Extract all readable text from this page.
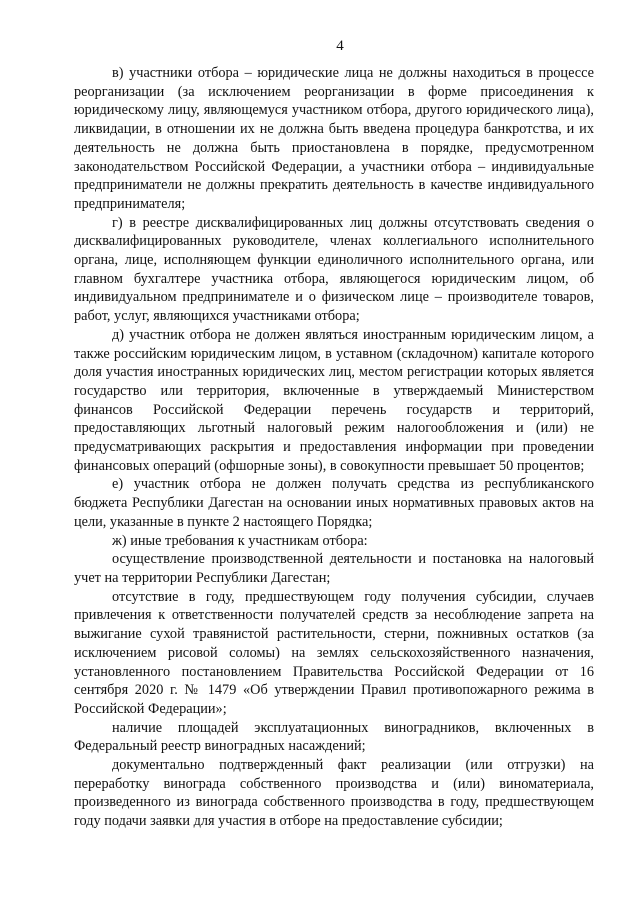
4

в) участники отбора – юридические лица не должны находиться в процессе реорганизации (за исключением реорганизации в форме присоединения к юридическому лицу, являющемуся участником отбора, другого юридического лица), ликвидации, в отношении их не должна быть введена процедура банкротства, и их деятельность не должна быть приостановлена в порядке, предусмотренном законодательством Российской Федерации, а участники отбора – индивидуальные предприниматели не должны прекратить деятельность в качестве индивидуального предпринимателя;

г) в реестре дисквалифицированных лиц должны отсутствовать сведения о дисквалифицированных руководителе, членах коллегиального исполнительного органа, лице, исполняющем функции единоличного исполнительного органа, или главном бухгалтере участника отбора, являющегося юридическим лицом, об индивидуальном предпринимателе и о физическом лице – производителе товаров, работ, услуг, являющихся участниками отбора;

д) участник отбора не должен являться иностранным юридическим лицом, а также российским юридическим лицом, в уставном (складочном) капитале которого доля участия иностранных юридических лиц, местом регистрации которых является государство или территория, включенные в утверждаемый Министерством финансов Российской Федерации перечень государств и территорий, предоставляющих льготный налоговый режим налогообложения и (или) не предусматривающих раскрытия и предоставления информации при проведении финансовых операций (офшорные зоны), в совокупности превышает 50 процентов;

е) участник отбора не должен получать средства из республиканского бюджета Республики Дагестан на основании иных нормативных правовых актов на цели, указанные в пункте 2 настоящего Порядка;

ж) иные требования к участникам отбора:

осуществление производственной деятельности и постановка на налоговый учет на территории Республики Дагестан;

отсутствие в году, предшествующем году получения субсидии, случаев привлечения к ответственности получателей средств за несоблюдение запрета на выжигание сухой травянистой растительности, стерни, пожнивных остатков (за исключением рисовой соломы) на землях сельскохозяйственного назначения, установленного постановлением Правительства Российской Федерации от 16 сентября 2020 г. № 1479 «Об утверждении Правил противопожарного режима в Российской Федерации»;

наличие площадей эксплуатационных виноградников, включенных в Федеральный реестр виноградных насаждений;

документально подтвержденный факт реализации (или отгрузки) на переработку винограда собственного производства и (или) виноматериала, произведенного из винограда собственного производства в году, предшествующем году подачи заявки для участия в отборе на предоставление субсидии;
